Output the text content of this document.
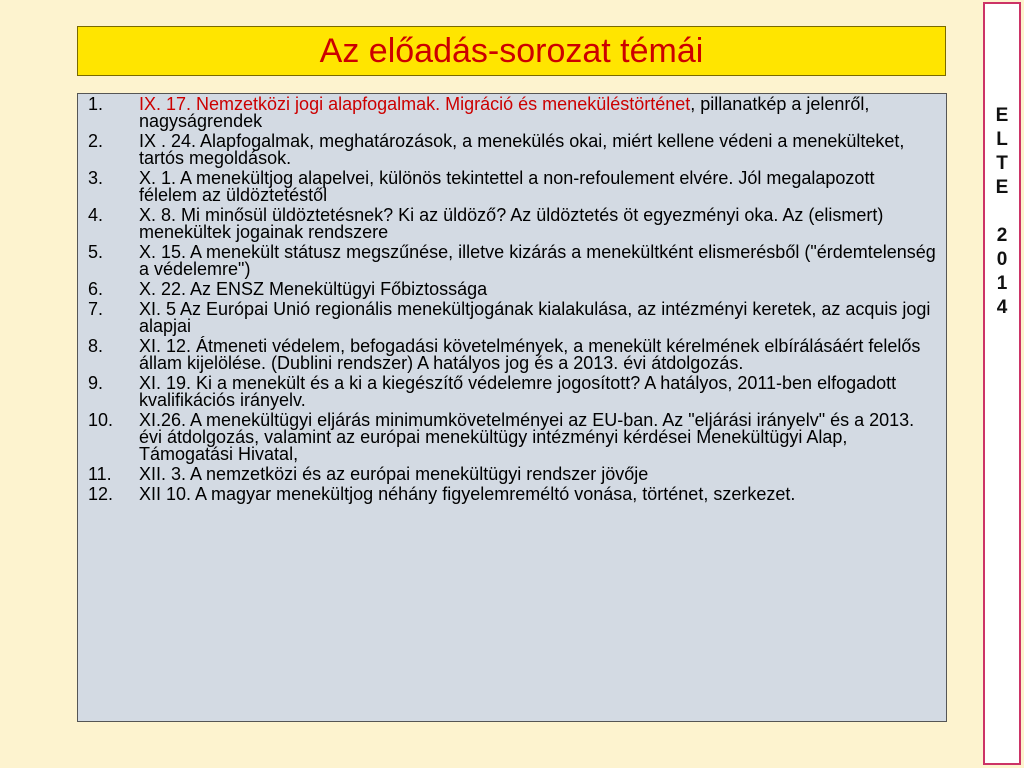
Az előadás-sorozat témái
1. IX. 17. Nemzetközi jogi alapfogalmak. Migráció és meneküléstörténet, pillanatkép a jelenről, nagyságrendek
2. IX . 24. Alapfogalmak, meghatározások, a menekülés okai, miért kellene védeni a menekülteket, tartós megoldások.
3. X. 1. A menekültjog alapelvei, különös tekintettel a non-refoulement elvére. Jól megalapozott félelem az üldöztetéstől
4. X. 8. Mi minősül üldöztetésnek? Ki az üldöző? Az üldöztetés öt egyezményi oka. Az (elismert) menekültek jogainak rendszere
5. X. 15. A menekült státusz megszűnése, illetve kizárás a menekültként elismerésből ("érdemtelenség a védelemre")
6. X. 22. Az ENSZ Menekültügyi Főbiztossága
7. XI. 5 Az Európai Unió regionális menekültjogának kialakulása, az intézményi keretek, az acquis jogi alapjai
8. XI. 12. Átmeneti védelem, befogadási követelmények, a menekült kérelmének elbírálásáért felelős állam kijelölése. (Dublini rendszer) A hatályos jog és a 2013. évi átdolgozás.
9. XI. 19. Ki a menekült és a ki a kiegészítő védelemre jogosított? A hatályos, 2011-ben elfogadott kvalifikációs irányelv.
10. XI.26. A menekültügyi eljárás minimumkövetelményei az EU-ban. Az "eljárási irányelv" és a 2013. évi átdolgozás, valamint az európai menekültügy intézményi kérdései Menekültügyi Alap, Támogatási Hivatal,
11. XII. 3. A nemzetközi és az európai menekültügyi rendszer jövője
12. XII 10. A magyar menekültjog néhány figyelemreméltó vonása, történet, szerkezet.
E
L
T
E
2
0
1
4
